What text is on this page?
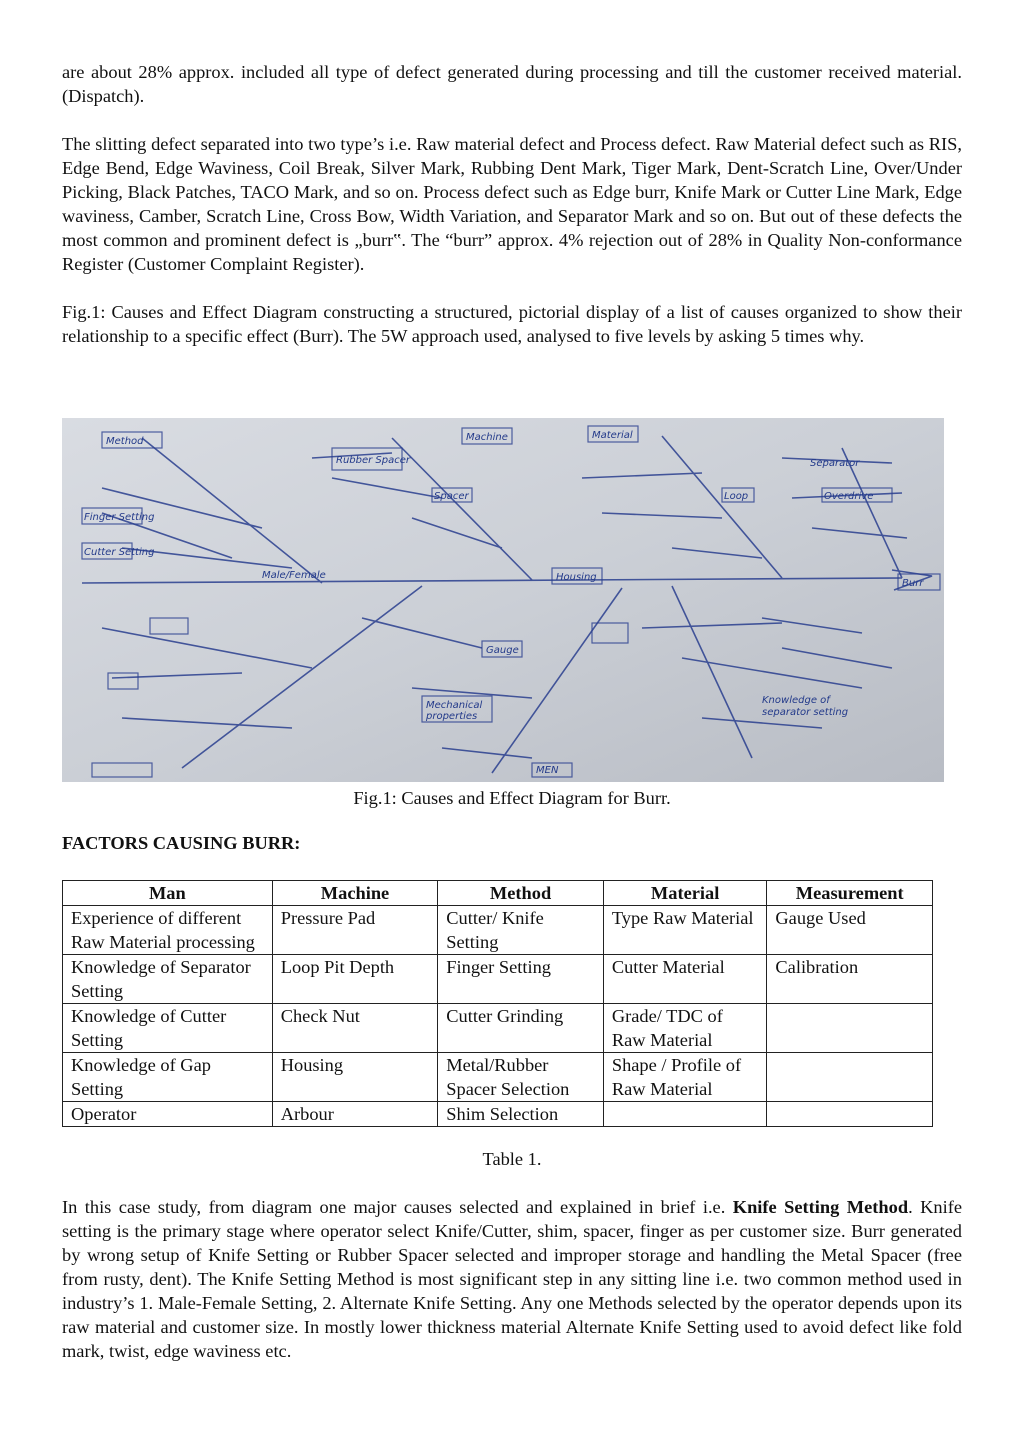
are about 28% approx. included all type of defect generated during processing and till the customer received material. (Dispatch).

The slitting defect separated into two type’s i.e. Raw material defect and Process defect. Raw Material defect such as RIS, Edge Bend, Edge Waviness, Coil Break, Silver Mark, Rubbing Dent Mark, Tiger Mark, Dent-Scratch Line, Over/Under Picking, Black Patches, TACO Mark, and so on. Process defect such as Edge burr, Knife Mark or Cutter Line Mark, Edge waviness, Camber, Scratch Line, Cross Bow, Width Variation, and Separator Mark and so on. But out of these defects the most common and prominent defect is „burr‟. The “burr” approx. 4% rejection out of 28% in Quality Non-conformance Register (Customer Complaint Register).

Fig.1: Causes and Effect Diagram constructing a structured, pictorial display of a list of causes organized to show their relationship to a specific effect (Burr). The 5W approach used, analysed to five levels by asking 5 times why.

Method	Machine	Material
Separator
Finger Setting
Cutter Setting
Spacer
Rubber Spacer
Loop	Overdrive
Burr
Gauge
Mechanical
properties
MEN
Housing
Knowledge of
separator setting
Male/Female
Fig.1: Causes and Effect Diagram for Burr.
FACTORS CAUSING BURR:
Man	Machine	Method	Material	Measurement
Experience of different Raw Material processing	Pressure Pad	Cutter/ Knife Setting	Type Raw Material	Gauge Used
Knowledge of Separator Setting	Loop Pit Depth	Finger Setting	Cutter Material	Calibration
Knowledge of Cutter Setting	Check Nut	Cutter Grinding	Grade/ TDC of Raw Material	
Knowledge of Gap Setting	Housing	Metal/Rubber Spacer Selection	Shape / Profile of Raw Material	
Operator	Arbour	Shim Selection		
Table 1.

In this case study, from diagram one major causes selected and explained in brief i.e. Knife Setting Method. Knife setting is the primary stage where operator select Knife/Cutter, shim, spacer, finger as per customer size. Burr generated by wrong setup of Knife Setting or Rubber Spacer selected and improper storage and handling the Metal Spacer (free from rusty, dent). The Knife Setting Method is most significant step in any sitting line i.e. two common method used in industry’s 1. Male-Female Setting, 2. Alternate Knife Setting. Any one Methods selected by the operator depends upon its raw material and customer size. In mostly lower thickness material Alternate Knife Setting used to avoid defect like fold mark, twist, edge waviness etc.
